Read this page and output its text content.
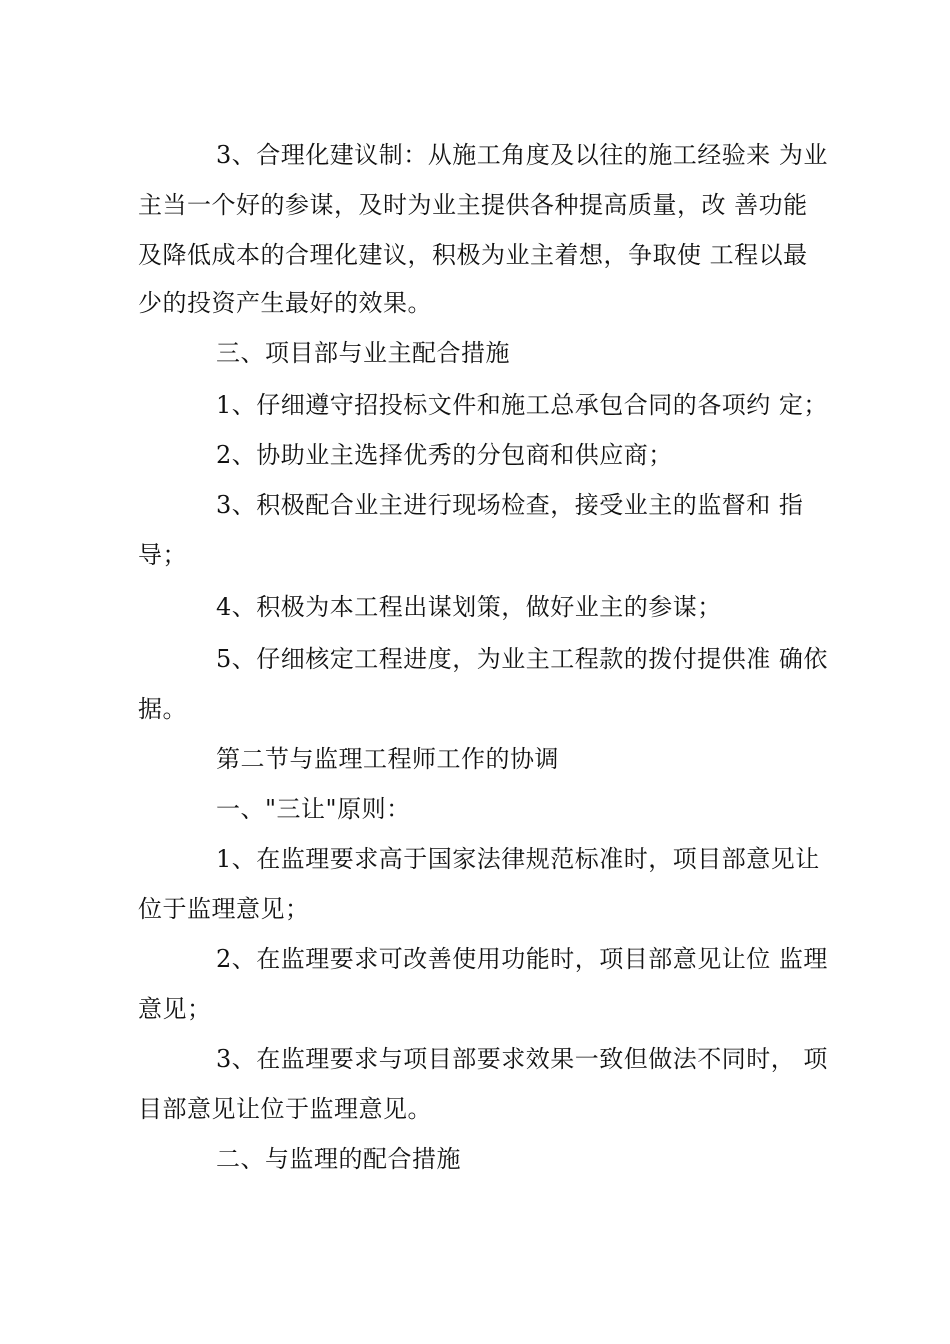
3、合理化建议制：从施工角度及以往的施工经验来 为业
主当一个好的参谋，及时为业主提供各种提高质量，改 善功能
及降低成本的合理化建议，积极为业主着想，争取使 工程以最
少的投资产生最好的效果。
三、项目部与业主配合措施
1、仔细遵守招投标文件和施工总承包合同的各项约 定；
2、协助业主选择优秀的分包商和供应商；
3、积极配合业主进行现场检查，接受业主的监督和 指
导；
4、积极为本工程出谋划策，做好业主的参谋；
5、仔细核定工程进度，为业主工程款的拨付提供准 确依
据。
第二节与监理工程师工作的协调
一、"三让"原则：
1、在监理要求高于国家法律规范标准时，项目部意见让
位于监理意见；
2、在监理要求可改善使用功能时，项目部意见让位 监理
意见；
3、在监理要求与项目部要求效果一致但做法不同时， 项
目部意见让位于监理意见。
二、与监理的配合措施
